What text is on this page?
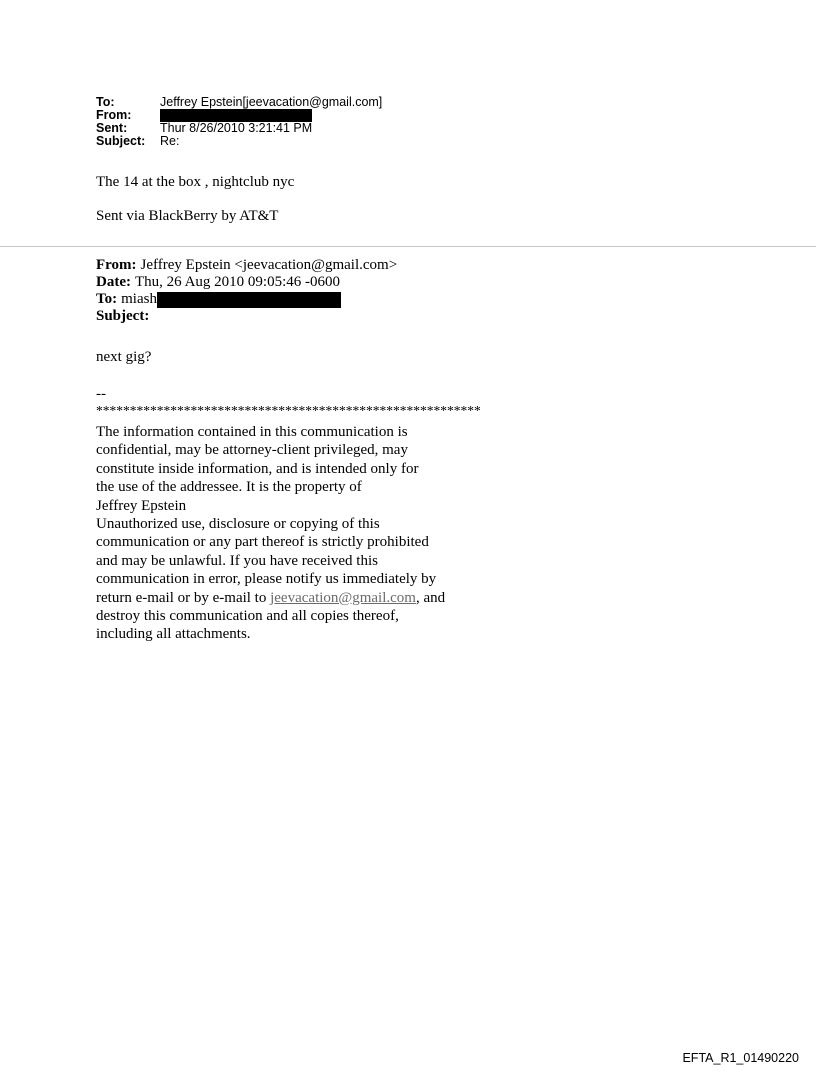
To:	Jeffrey Epstein[jeevacation@gmail.com]
From:
Sent:	Thur 8/26/2010 3:21:41 PM
Subject:	Re:
The 14 at the box , nightclub nyc
Sent via BlackBerry by AT&T
From: Jeffrey Epstein <jeevacation@gmail.com>
Date: Thu, 26 Aug 2010 09:05:46 -0600
To: miash
Subject:
next gig?
--
*********************************************************
The information contained in this communication is
confidential, may be attorney-client privileged, may
constitute inside information, and is intended only for
the use of the addressee. It is the property of
Jeffrey Epstein
Unauthorized use, disclosure or copying of this
communication or any part thereof is strictly prohibited
and may be unlawful. If you have received this
communication in error, please notify us immediately by
return e-mail or by e-mail to jeevacation@gmail.com, and
destroy this communication and all copies thereof,
including all attachments.
EFTA_R1_01490220
